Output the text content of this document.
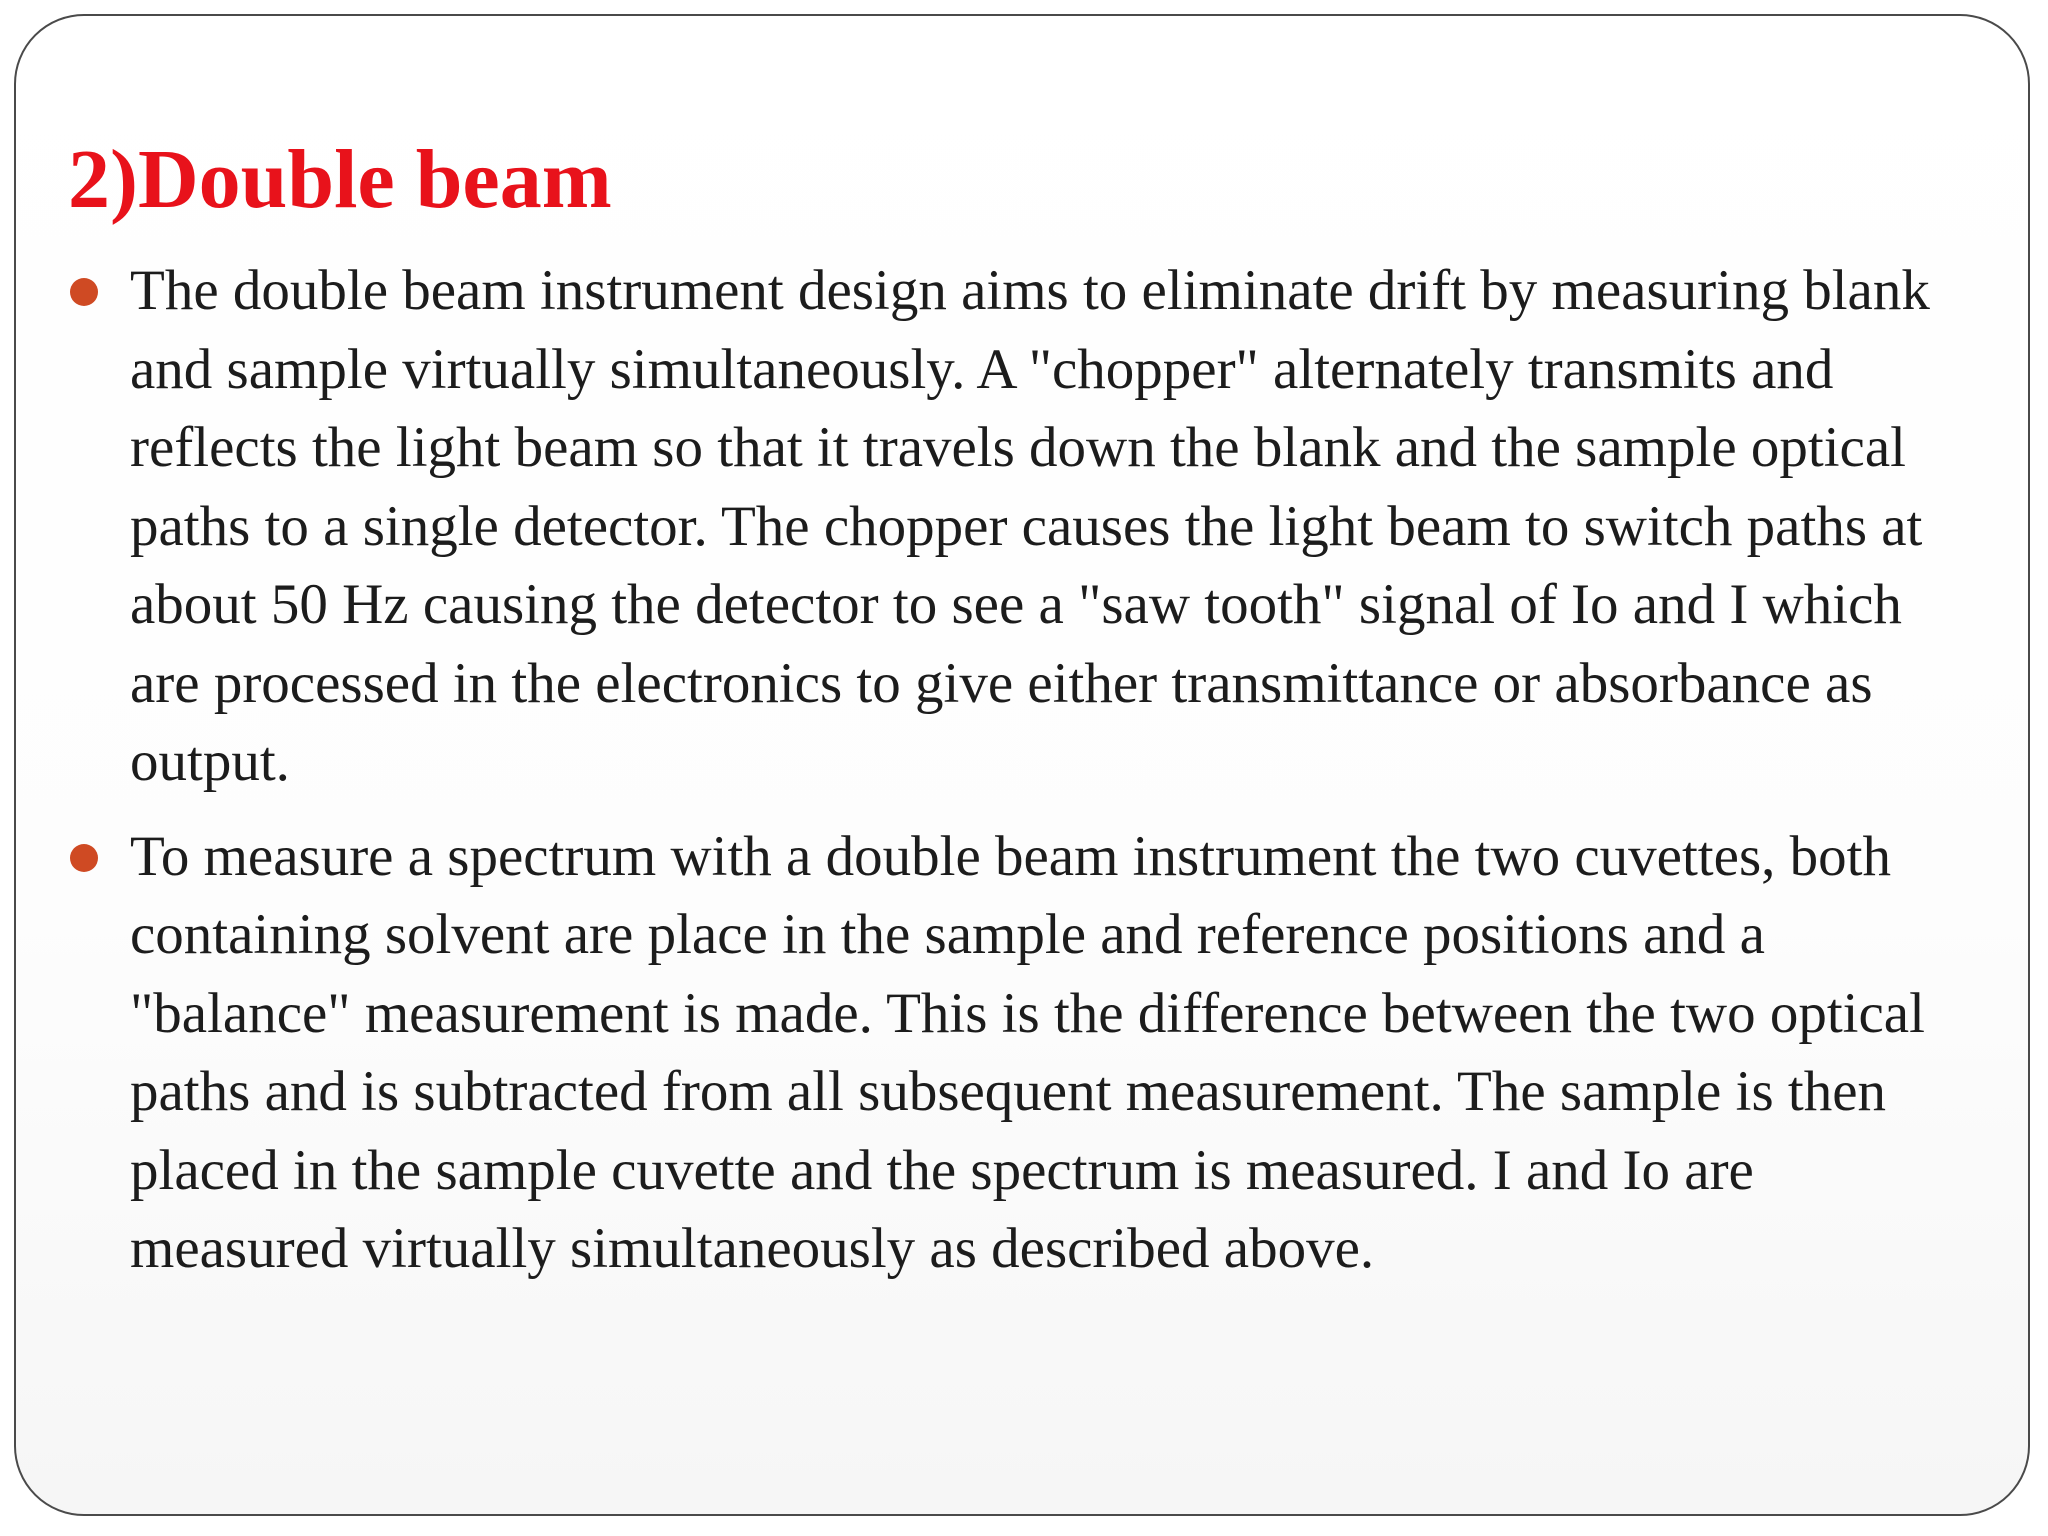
2)Double beam
The double beam instrument design aims to eliminate drift by measuring blank and sample virtually simultaneously. A "chopper" alternately transmits and reflects the light beam so that it travels down the blank and the sample optical paths to a single detector. The chopper causes the light beam to switch paths at about 50 Hz causing the detector to see a "saw tooth" signal of Io and I which are processed in the electronics to give either transmittance or absorbance as output.
To measure a spectrum with a double beam instrument the two cuvettes, both containing solvent are place in the sample and reference positions and a "balance" measurement is made. This is the difference between the two optical paths and is subtracted from all subsequent measurement. The sample is then placed in the sample cuvette and the spectrum is measured. I and Io are measured virtually simultaneously as described above.
